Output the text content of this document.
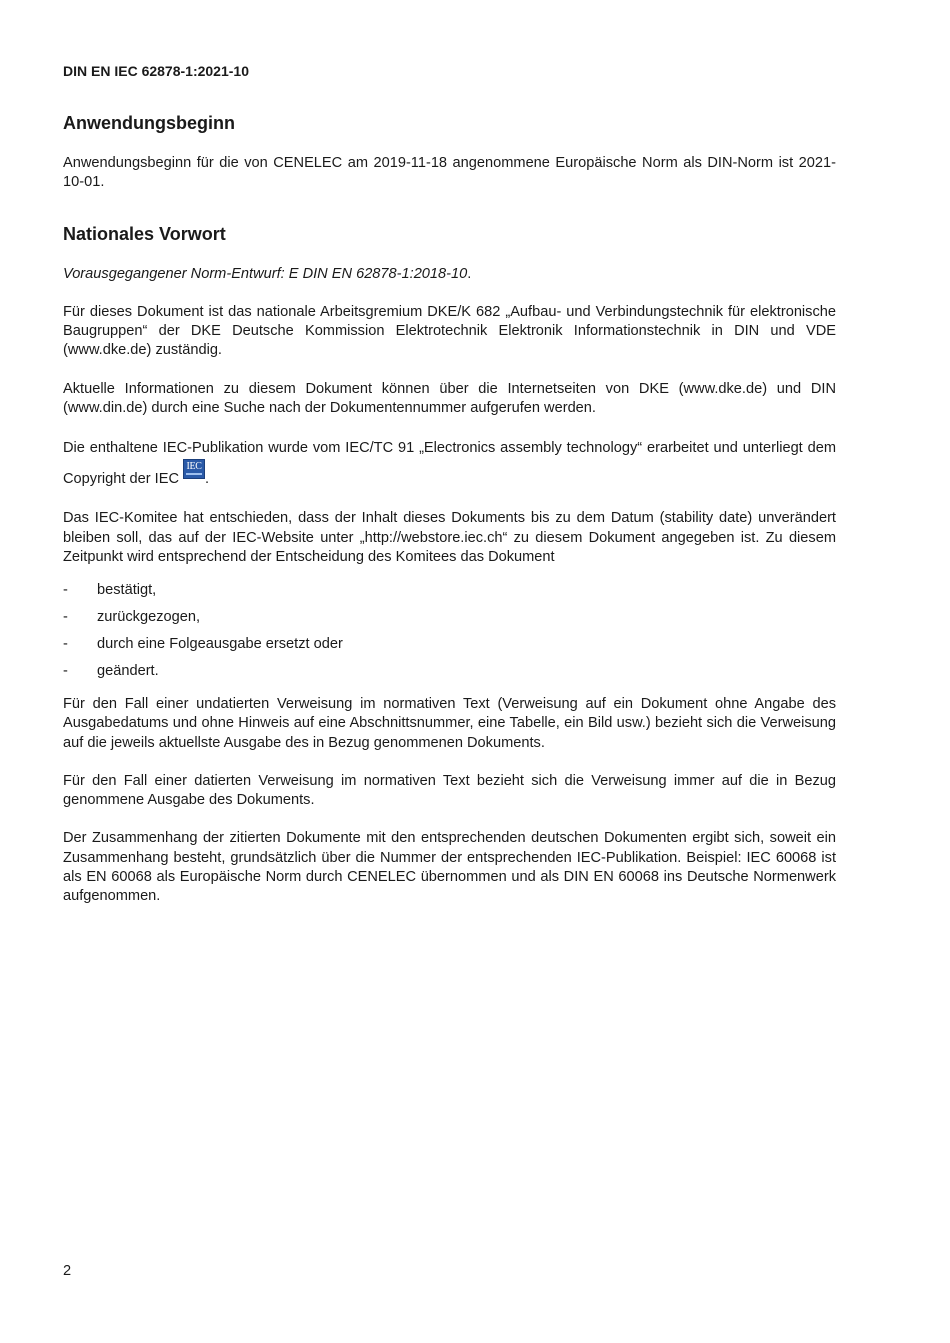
DIN EN IEC 62878-1:2021-10
Anwendungsbeginn

Anwendungsbeginn für die von CENELEC am 2019-11-18 angenommene Europäische Norm als DIN-Norm ist 2021-10-01.

Nationales Vorwort

Vorausgegangener Norm-Entwurf: E DIN EN 62878-1:2018-10.

Für dieses Dokument ist das nationale Arbeitsgremium DKE/K 682 „Aufbau- und Verbindungstechnik für elektronische Baugruppen“ der DKE Deutsche Kommission Elektrotechnik Elektronik Informationstechnik in DIN und VDE (www.dke.de) zuständig.

Aktuelle Informationen zu diesem Dokument können über die Internetseiten von DKE (www.dke.de) und DIN (www.din.de) durch eine Suche nach der Dokumentennummer aufgerufen werden.

Die enthaltene IEC-Publikation wurde vom IEC/TC 91 „Electronics assembly technology“ erarbeitet und unterliegt dem Copyright der IEC
IEC
.

Das IEC-Komitee hat entschieden, dass der Inhalt dieses Dokuments bis zu dem Datum (stability date) unverändert bleiben soll, das auf der IEC-Website unter „http://webstore.iec.ch“ zu diesem Dokument angegeben ist. Zu diesem Zeitpunkt wird entsprechend der Entscheidung des Komitees das Dokument

- bestätigt,
- zurückgezogen,
- durch eine Folgeausgabe ersetzt oder
- geändert.

Für den Fall einer undatierten Verweisung im normativen Text (Verweisung auf ein Dokument ohne Angabe des Ausgabedatums und ohne Hinweis auf eine Abschnittsnummer, eine Tabelle, ein Bild usw.) bezieht sich die Verweisung auf die jeweils aktuellste Ausgabe des in Bezug genommenen Dokuments.

Für den Fall einer datierten Verweisung im normativen Text bezieht sich die Verweisung immer auf die in Bezug genommene Ausgabe des Dokuments.

Der Zusammenhang der zitierten Dokumente mit den entsprechenden deutschen Dokumenten ergibt sich, soweit ein Zusammenhang besteht, grundsätzlich über die Nummer der entsprechenden IEC-Publikation. Beispiel: IEC 60068 ist als EN 60068 als Europäische Norm durch CENELEC übernommen und als DIN EN 60068 ins Deutsche Normenwerk aufgenommen.

2
